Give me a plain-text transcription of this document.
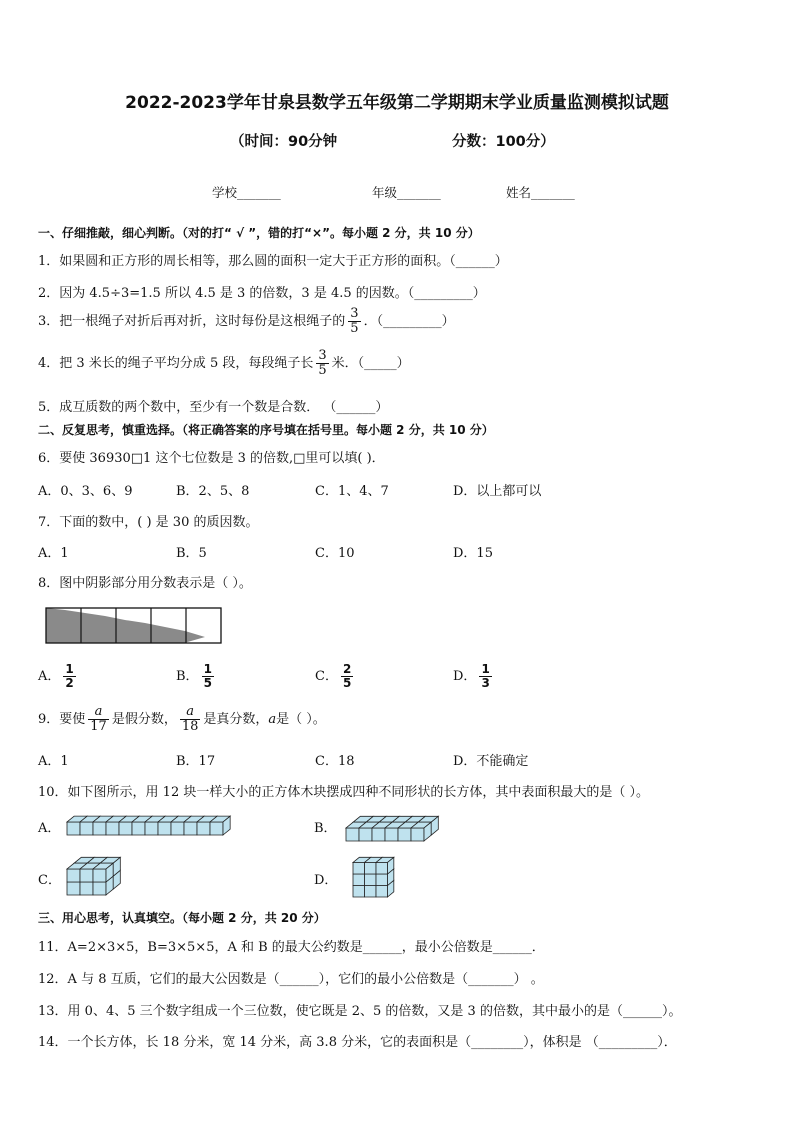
2022-2023学年甘泉县数学五年级第二学期期末学业质量监测模拟试题
（时间：90分钟	分数：100分）
学校_______	年级_______	姓名_______
一、仔细推敲，细心判断。（对的打“ √ ”，错的打“×”。每小题 2 分，共 10 分）
1．如果圆和正方形的周长相等，那么圆的面积一定大于正方形的面积。（______）
2．因为 4.5÷3=1.5 所以 4.5 是 3 的倍数，3 是 4.5 的因数。（_________）
3．把一根绳子对折后再对折，这时每份是这根绳子的 $\frac{3}{5}$ ．（_________）
4．把 3 米长的绳子平均分成 5 段，每段绳子长 $\frac{3}{5}$ 米．（_____）
5．成互质数的两个数中，至少有一个数是合数． （______）
二、反复思考，慎重选择。（将正确答案的序号填在括号里。每小题 2 分，共 10 分）
6．要使 36930□1 这个七位数是 3 的倍数,□里可以填( )．
A．0、3、6、9	B．2、5、8	C．1、4、7	D．以上都可以
7．下面的数中，( ) 是 30 的质因数。
A．1	B．5	C．10	D．15
8．图中阴影部分用分数表示是（ ）。
A． $\frac{1}{2}$	B． $\frac{1}{5}$	C． $\frac{2}{5}$	D． $\frac{1}{3}$
9．要使 $\frac{a}{17}$ 是假分数， $\frac{a}{18}$ 是真分数，a是（ ）。
A．1	B．17	C．18	D．不能确定
10．如下图所示，用 12 块一样大小的正方体木块摆成四种不同形状的长方体，其中表面积最大的是（ ）。
A．	B．
C．	D．
三、用心思考，认真填空。（每小题 2 分，共 20 分）
11．A=2×3×5，B=3×5×5，A 和 B 的最大公约数是______，最小公倍数是______．
12．A 与 8 互质，它们的最大公因数是（______），它们的最小公倍数是（_______） 。
13．用 0、4、5 三个数字组成一个三位数，使它既是 2、5 的倍数，又是 3 的倍数，其中最小的是（______）。
14．一个长方体，长 18 分米，宽 14 分米，高 3.8 分米，它的表面积是（________），体积是 （_________）．
